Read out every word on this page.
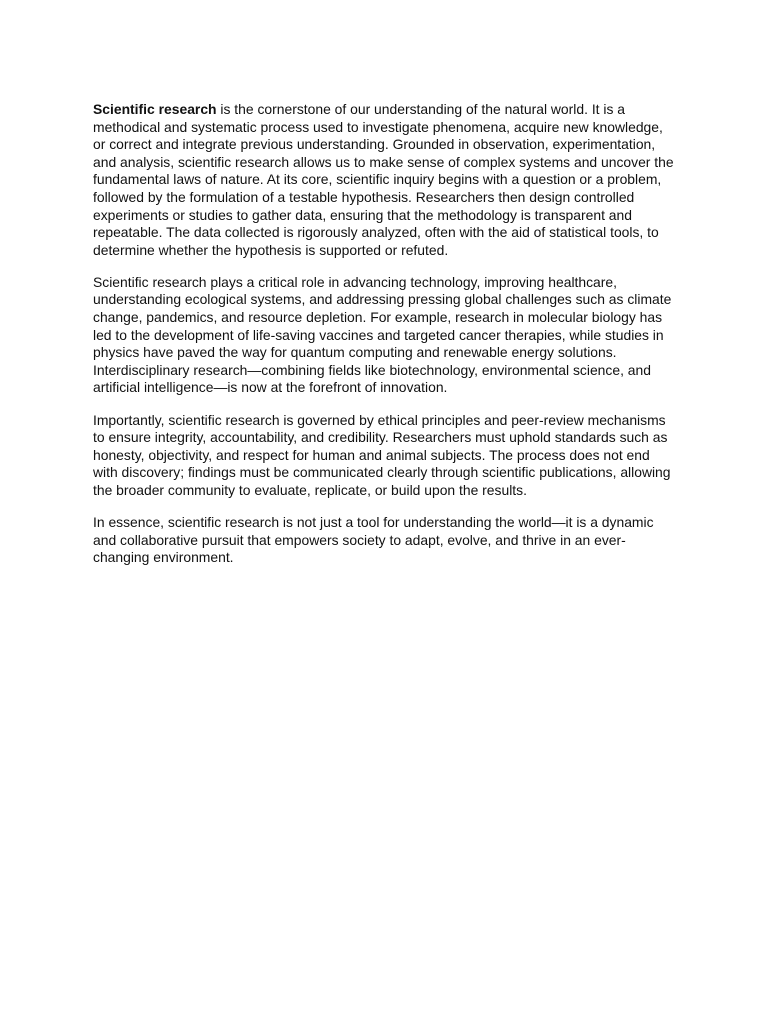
Scientific research is the cornerstone of our understanding of the natural world. It is a methodical and systematic process used to investigate phenomena, acquire new knowledge, or correct and integrate previous understanding. Grounded in observation, experimentation, and analysis, scientific research allows us to make sense of complex systems and uncover the fundamental laws of nature. At its core, scientific inquiry begins with a question or a problem, followed by the formulation of a testable hypothesis. Researchers then design controlled experiments or studies to gather data, ensuring that the methodology is transparent and repeatable. The data collected is rigorously analyzed, often with the aid of statistical tools, to determine whether the hypothesis is supported or refuted.

Scientific research plays a critical role in advancing technology, improving healthcare, understanding ecological systems, and addressing pressing global challenges such as climate change, pandemics, and resource depletion. For example, research in molecular biology has led to the development of life-saving vaccines and targeted cancer therapies, while studies in physics have paved the way for quantum computing and renewable energy solutions. Interdisciplinary research—combining fields like biotechnology, environmental science, and artificial intelligence—is now at the forefront of innovation.

Importantly, scientific research is governed by ethical principles and peer-review mechanisms to ensure integrity, accountability, and credibility. Researchers must uphold standards such as honesty, objectivity, and respect for human and animal subjects. The process does not end with discovery; findings must be communicated clearly through scientific publications, allowing the broader community to evaluate, replicate, or build upon the results.

In essence, scientific research is not just a tool for understanding the world—it is a dynamic and collaborative pursuit that empowers society to adapt, evolve, and thrive in an ever-changing environment.
